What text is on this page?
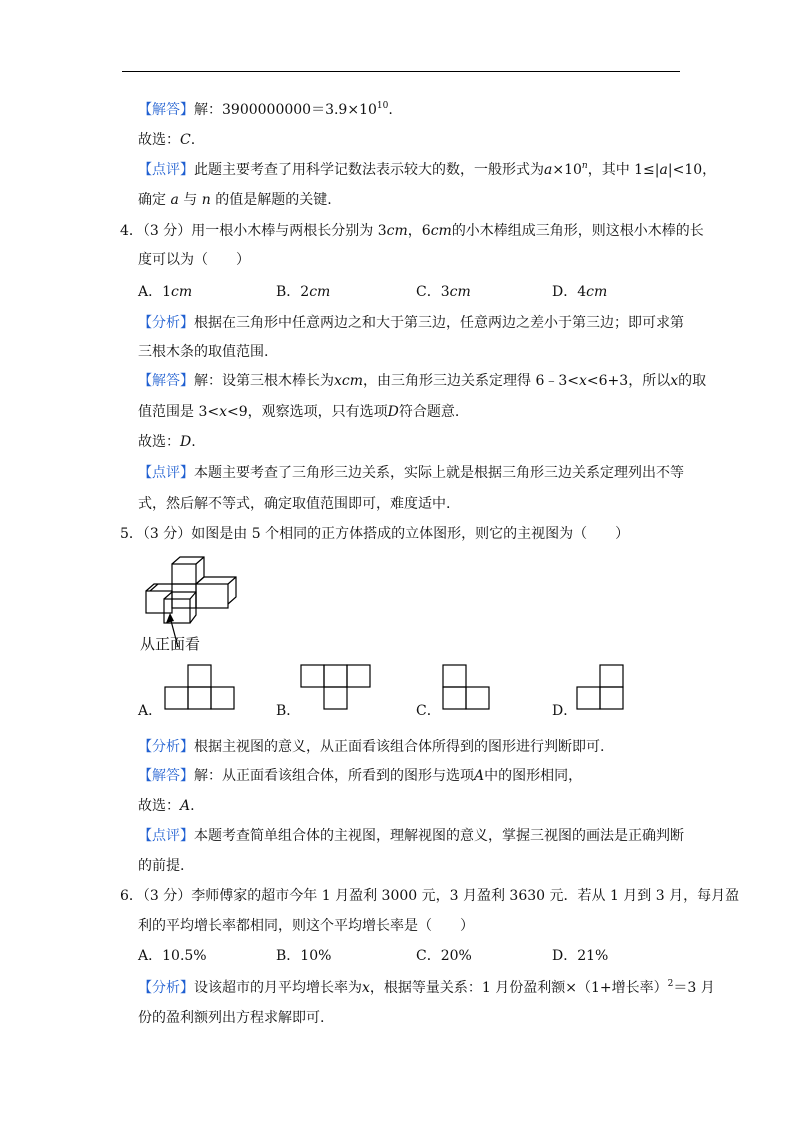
【解答】解：$3900000000=3.9\times 10^{10}$.
故选：C.
【点评】此题主要考查了用科学记数法表示较大的数，一般形式为$a\times 10^n$，其中 1≤|a|<10，
确定 a 与 n 的值是解题的关键.
4．（3 分）用一根小木棒与两根长分别为 3cm，6cm的小木棒组成三角形，则这根小木棒的长
度可以为（　　）
A．1cm	B．2cm	C．3cm	D．4cm
【分析】根据在三角形中任意两边之和大于第三边，任意两边之差小于第三边；即可求第
三根木条的取值范围.
【解答】解：设第三根木棒长为xcm，由三角形三边关系定理得 6﹣3<x<6+3，所以x的取
值范围是 3<x<9，观察选项，只有选项D符合题意.
故选：D.
【点评】本题主要考查了三角形三边关系，实际上就是根据三角形三边关系定理列出不等
式，然后解不等式，确定取值范围即可，难度适中.
5．（3 分）如图是由 5 个相同的正方体搭成的立体图形，则它的主视图为（　　）
从正面看
A．	B．	C．	D．
【分析】根据主视图的意义，从正面看该组合体所得到的图形进行判断即可.
【解答】解：从正面看该组合体，所看到的图形与选项A中的图形相同，
故选：A.
【点评】本题考查简单组合体的主视图，理解视图的意义，掌握三视图的画法是正确判断
的前提.
6．（3 分）李师傅家的超市今年 1 月盈利 3000 元，3 月盈利 3630 元．若从 1 月到 3 月，每月盈
利的平均增长率都相同，则这个平均增长率是（　　）
A．10.5%	B．10%	C．20%	D．21%
【分析】设该超市的月平均增长率为x，根据等量关系：1 月份盈利额×（1+增长率）$^2$＝3 月
份的盈利额列出方程求解即可.
